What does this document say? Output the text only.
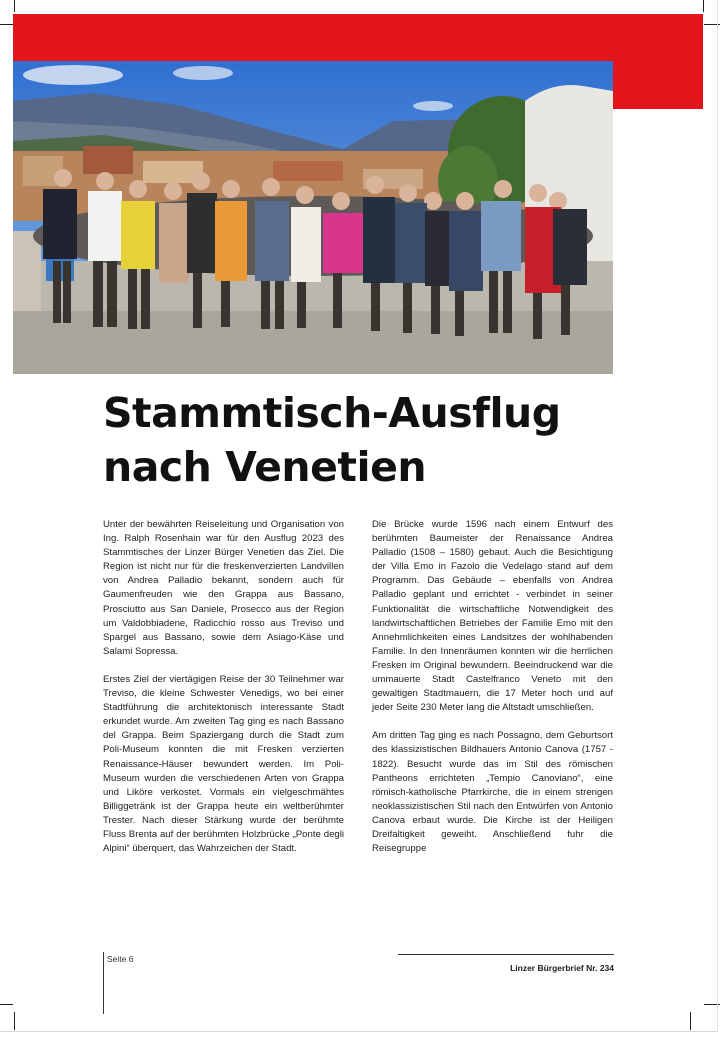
Stammtisch-Ausflug
nach Venetien

Unter der bewährten Reiseleitung und Organisation von Ing. Ralph Rosenhain war für den Ausflug 2023 des Stammtisches der Linzer Bürger Venetien das Ziel. Die Region ist nicht nur für die freskenverzierten Landvillen von Andrea Palladio bekannt, sondern auch für Gaumenfreuden wie den Grappa aus Bassano, Prosciutto aus San Daniele, Prosecco aus der Region um Valdobbiadene, Radicchio rosso aus Treviso und Spargel aus Bassano, sowie dem Asiago-Käse und Salami Sopressa.

Erstes Ziel der viertägigen Reise der 30 Teilnehmer war Treviso, die kleine Schwester Venedigs, wo bei einer Stadtführung die architektonisch interessante Stadt erkundet wurde. Am zweiten Tag ging es nach Bassano del Grappa. Beim Spaziergang durch die Stadt zum Poli-Museum konnten die mit Fresken verzierten Renaissance-Häuser bewundert werden. Im Poli-Museum wurden die verschiedenen Arten von Grappa und Liköre verkostet. Vormals ein vielgeschmähtes Billiggetränk ist der Grappa heute ein weltberühmter Trester. Nach dieser Stärkung wurde der berühmte Fluss Brenta auf der berühmten Holzbrücke „Ponte degli Alpini“ überquert, das Wahrzeichen der Stadt.

Die Brücke wurde 1596 nach einem Entwurf des berühmten Baumeister der Renaissance Andrea Palladio (1508 – 1580) gebaut. Auch die Besichtigung der Villa Emo in Fazolo die Vedelago stand auf dem Programm. Das Gebäude – ebenfalls von Andrea Palladio geplant und errichtet - verbindet in seiner Funktionalität die wirtschaftliche Notwendigkeit des landwirtschaftlichen Betriebes der Familie Emo mit den Annehmlichkeiten eines Landsitzes der wohlhabenden Familie. In den Innenräumen konnten wir die herrlichen Fresken im Original bewundern. Beeindruckend war die ummauerte Stadt Castelfranco Veneto mit den gewaltigen Stadtmauern, die 17 Meter hoch und auf jeder Seite 230 Meter lang die Altstadt umschließen.

Am dritten Tag ging es nach Possagno, dem Geburtsort des klassizistischen Bildhauers Antonio Canova (1757 - 1822). Besucht wurde das im Stil des römischen Pantheons errichteten „Tempio Canoviano“, eine römisch-katholische Pfarrkirche, die in einem strengen neoklassizistischen Stil nach den Entwürfen von Antonio Canova erbaut wurde. Die Kirche ist der Heiligen Dreifaltigkeit geweiht. Anschließend fuhr die Reisegruppe

Seite 6
Linzer Bürgerbrief Nr. 234
